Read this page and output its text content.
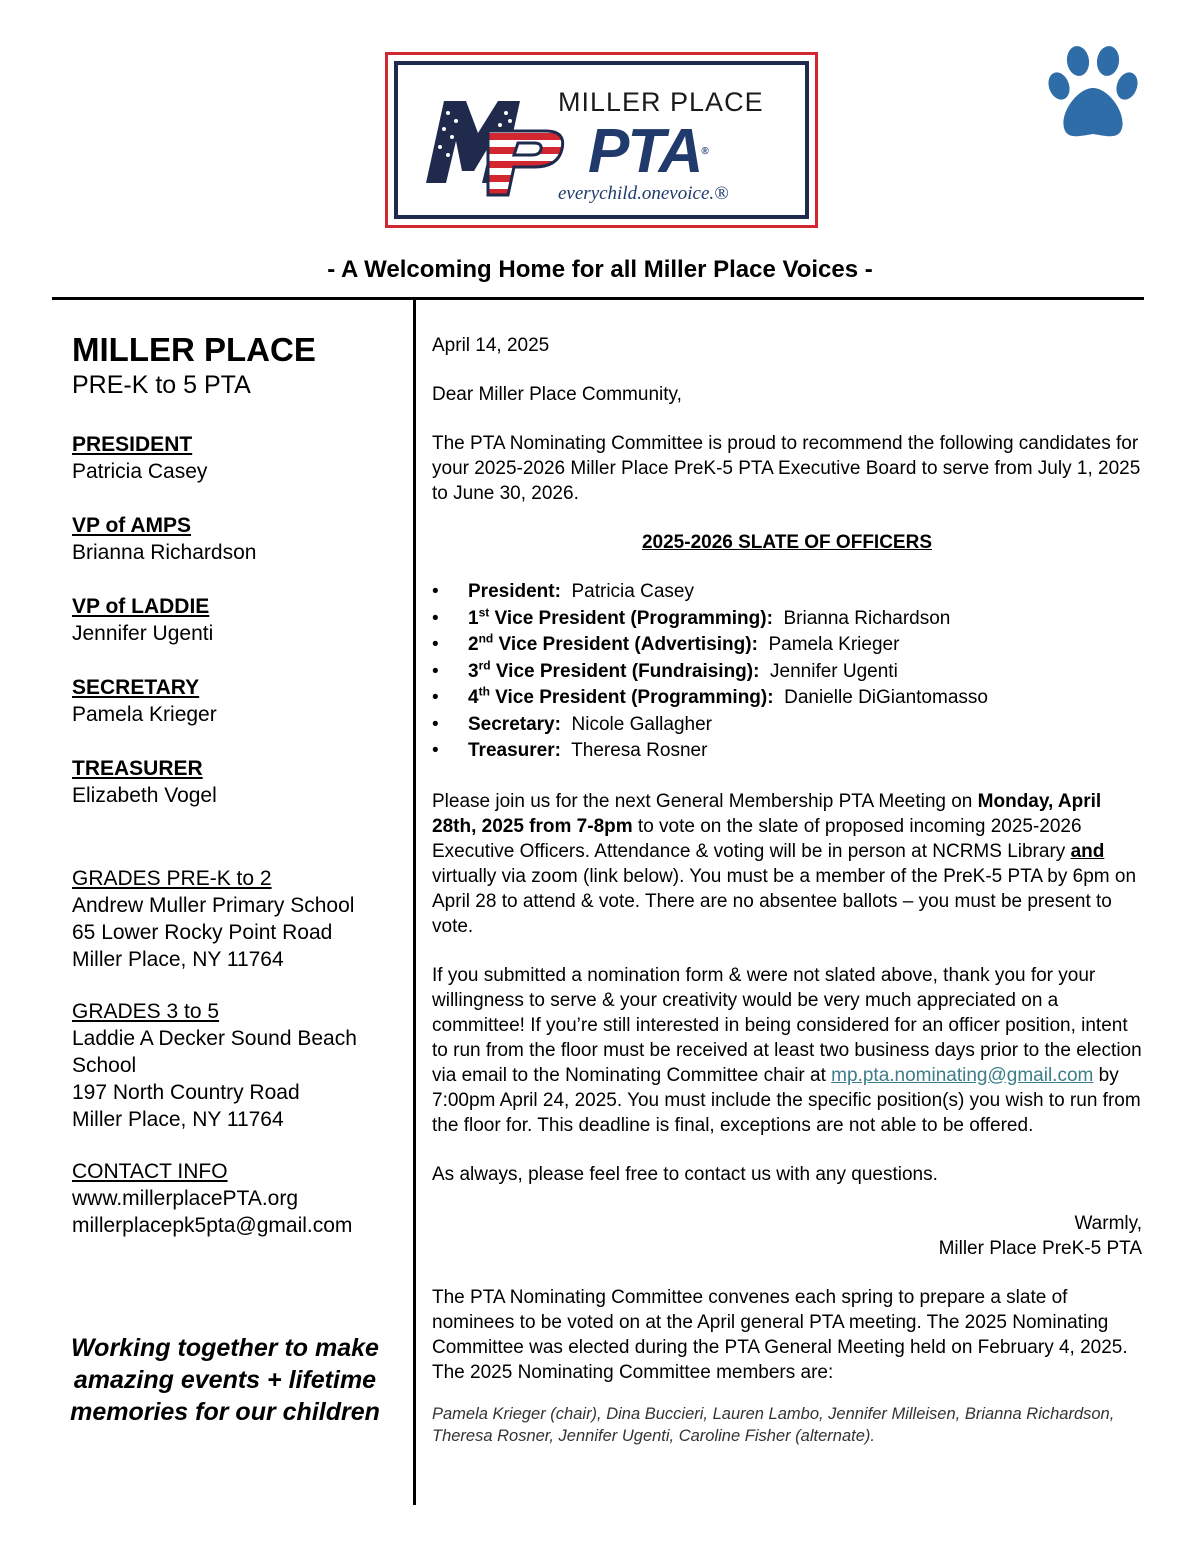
MILLER PLACE
PTA®
everychild.onevoice.®
- A Welcoming Home for all Miller Place Voices -
MILLER PLACE
PRE-K to 5 PTA
PRESIDENT
Patricia Casey
VP of AMPS
Brianna Richardson
VP of LADDIE
Jennifer Ugenti
SECRETARY
Pamela Krieger
TREASURER
Elizabeth Vogel
GRADES PRE-K to 2
Andrew Muller Primary School
65 Lower Rocky Point Road
Miller Place, NY 11764
GRADES 3 to 5
Laddie A Decker Sound Beach
School
197 North Country Road
Miller Place, NY 11764
CONTACT INFO
www.millerplacePTA.org
millerplacepk5pta@gmail.com
Working together to make amazing events + lifetime memories for our children

April 14, 2025

Dear Miller Place Community,

The PTA Nominating Committee is proud to recommend the following candidates for your 2025-2026 Miller Place PreK-5 PTA Executive Board to serve from July 1, 2025 to June 30, 2026.

2025-2026 SLATE OF OFFICERS

• President: Patricia Casey
• 1st Vice President (Programming): Brianna Richardson
• 2nd Vice President (Advertising): Pamela Krieger
• 3rd Vice President (Fundraising): Jennifer Ugenti
• 4th Vice President (Programming): Danielle DiGiantomasso
• Secretary: Nicole Gallagher
• Treasurer: Theresa Rosner

Please join us for the next General Membership PTA Meeting on Monday, April 28th, 2025 from 7-8pm to vote on the slate of proposed incoming 2025-2026 Executive Officers. Attendance & voting will be in person at NCRMS Library and virtually via zoom (link below). You must be a member of the PreK-5 PTA by 6pm on April 28 to attend & vote. There are no absentee ballots – you must be present to vote.

If you submitted a nomination form & were not slated above, thank you for your willingness to serve & your creativity would be very much appreciated on a committee! If you’re still interested in being considered for an officer position, intent to run from the floor must be received at least two business days prior to the election via email to the Nominating Committee chair at mp.pta.nominating@gmail.com by 7:00pm April 24, 2025. You must include the specific position(s) you wish to run from the floor for. This deadline is final, exceptions are not able to be offered.

As always, please feel free to contact us with any questions.

Warmly,
Miller Place PreK-5 PTA

The PTA Nominating Committee convenes each spring to prepare a slate of nominees to be voted on at the April general PTA meeting. The 2025 Nominating Committee was elected during the PTA General Meeting held on February 4, 2025. The 2025 Nominating Committee members are:

Pamela Krieger (chair), Dina Buccieri, Lauren Lambo, Jennifer Milleisen, Brianna Richardson, Theresa Rosner, Jennifer Ugenti, Caroline Fisher (alternate).
